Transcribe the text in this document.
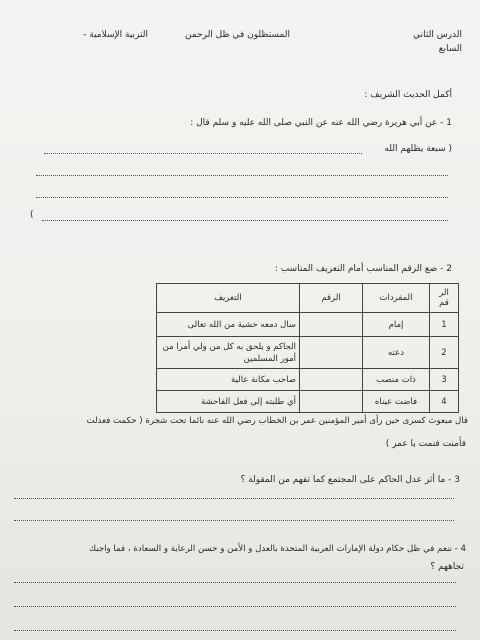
الدرس الثاني
السابع
المستظلون في ظل الرحمن
التربية الإسلامية -
أكمل الحديث الشريف :
1 - عن أبي هريرة رضي الله عنه عن النبي صلى الله عليه و سلم قال :
( سبعة يظلهم الله
)
2 - ضع الرقم المناسب أمام التعريف المناسب :
الر قم	المفردات	الرقم	التعريف
1	إمام		سال دمعه خشية من الله تعالى
2	دعته		الحاكم و يلحق به كل من ولي أمرا من أمور المسلمين
3	ذات منصب		صاحب مكانة عالية
4	فاضت عيناه		أي طلبته إلى فعل الفاحشة
قال مبعوث كسرى حين رأى أمير المؤمنين عمر بن الخطاب رضي الله عنه نائما تحت شجرة ( حكمت فعدلت
فأمنت فنمت يا عمر )
3 - ما أثر عدل الحاكم على المجتمع كما تفهم من المقولة ؟
4 - ننعم في ظل حكام دولة الإمارات العربية المتحدة بالعدل و الأمن و حسن الرعاية و السعادة ، فما واجبك
تجاههم ؟
